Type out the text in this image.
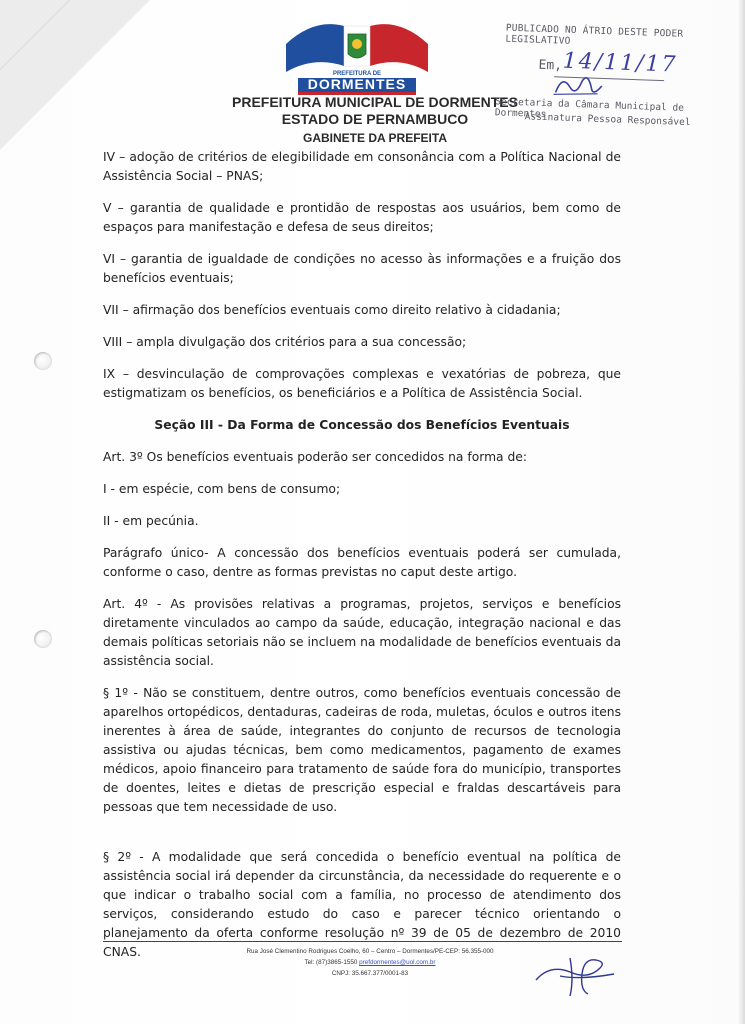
PREFEITURA DE
DORMENTES
PREFEITURA MUNICIPAL DE DORMENTES
ESTADO DE PERNAMBUCO
GABINETE DA PREFEITA
PUBLICADO NO ÁTRIO DESTE PODER LEGISLATIVO
Em, 14/11/17
Secretaria da Câmara Municipal de Dormentes
Assinatura Pessoa Responsável

IV – adoção de critérios de elegibilidade em consonância com a Política Nacional de Assistência Social – PNAS;

V – garantia de qualidade e prontidão de respostas aos usuários, bem como de espaços para manifestação e defesa de seus direitos;

VI – garantia de igualdade de condições no acesso às informações e a fruição dos benefícios eventuais;

VII – afirmação dos benefícios eventuais como direito relativo à cidadania;

VIII – ampla divulgação dos critérios para a sua concessão;

IX – desvinculação de comprovações complexas e vexatórias de pobreza, que estigmatizam os benefícios, os beneficiários e a Política de Assistência Social.

Seção III - Da Forma de Concessão dos Benefícios Eventuais

Art. 3º Os benefícios eventuais poderão ser concedidos na forma de:

I - em espécie, com bens de consumo;

II - em pecúnia.

Parágrafo único- A concessão dos benefícios eventuais poderá ser cumulada, conforme o caso, dentre as formas previstas no caput deste artigo.

Art. 4º - As provisões relativas a programas, projetos, serviços e benefícios diretamente vinculados ao campo da saúde, educação, integração nacional e das demais políticas setoriais não se incluem na modalidade de benefícios eventuais da assistência social.

§ 1º - Não se constituem, dentre outros, como benefícios eventuais concessão de aparelhos ortopédicos, dentaduras, cadeiras de roda, muletas, óculos e outros itens inerentes à área de saúde, integrantes do conjunto de recursos de tecnologia assistiva ou ajudas técnicas, bem como medicamentos, pagamento de exames médicos, apoio financeiro para tratamento de saúde fora do município, transportes de doentes, leites e dietas de prescrição especial e fraldas descartáveis para pessoas que tem necessidade de uso.

§ 2º - A modalidade que será concedida o benefício eventual na política de assistência social irá depender da circunstância, da necessidade do requerente e o que indicar o trabalho social com a família, no processo de atendimento dos serviços, considerando estudo do caso e parecer técnico orientando o planejamento da oferta conforme resolução nº 39 de 05 de dezembro de 2010 CNAS.	Rua José Clementino Rodrigues Coelho, 60 – Centro – Dormentes/PE-CEP: 56.355-000
Tel: (87)3865-1550 prefdormentes@uol.com.br
CNPJ: 35.667.377/0001-83
